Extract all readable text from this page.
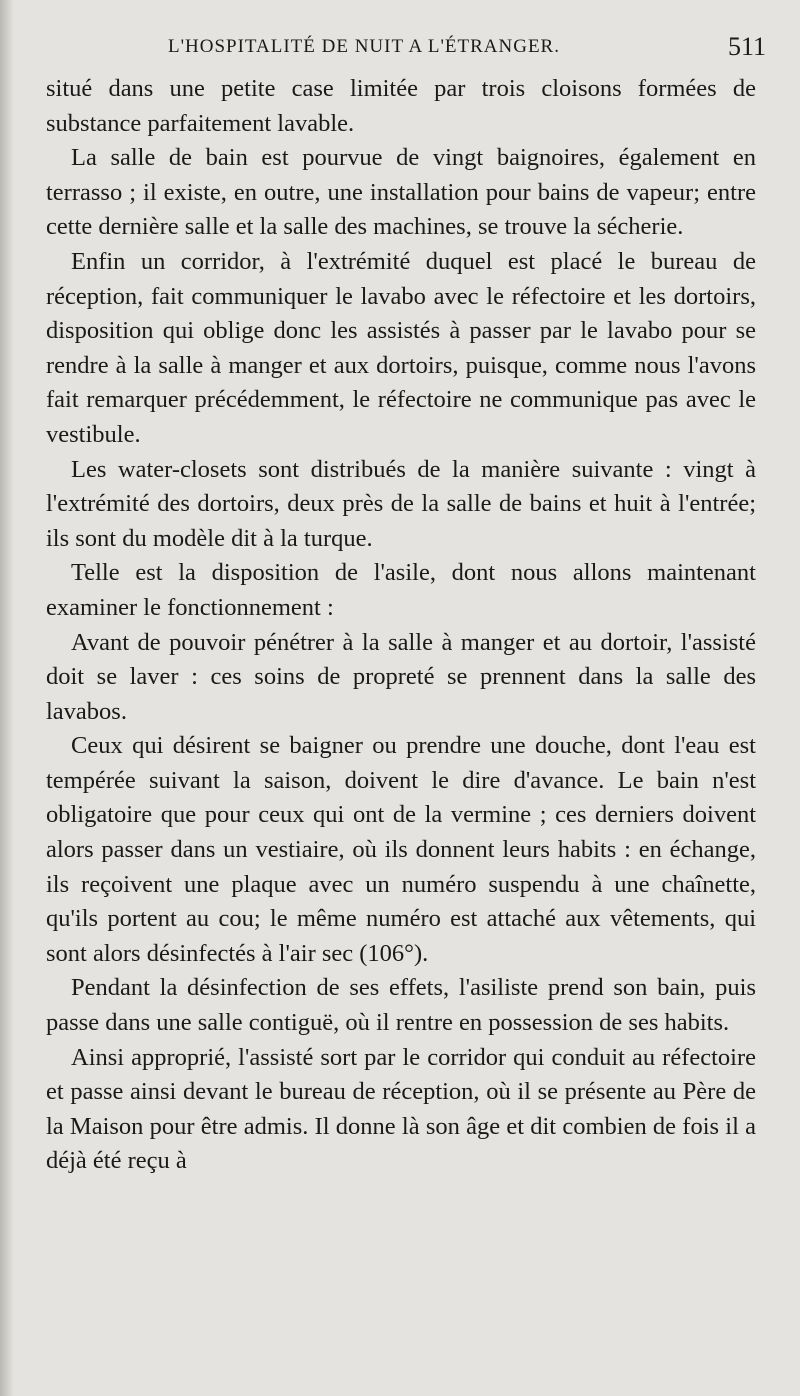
L'HOSPITALITÉ DE NUIT A L'ÉTRANGER.	511

situé dans une petite case limitée par trois cloisons formées de substance parfaitement lavable.

La salle de bain est pourvue de vingt baignoires, également en terrasso ; il existe, en outre, une installation pour bains de vapeur; entre cette dernière salle et la salle des machines, se trouve la sécherie.

Enfin un corridor, à l'extrémité duquel est placé le bureau de réception, fait communiquer le lavabo avec le réfectoire et les dortoirs, disposition qui oblige donc les assistés à passer par le lavabo pour se rendre à la salle à manger et aux dortoirs, puisque, comme nous l'avons fait remarquer précédemment, le réfectoire ne communique pas avec le vestibule.

Les water-closets sont distribués de la manière suivante : vingt à l'extrémité des dortoirs, deux près de la salle de bains et huit à l'entrée; ils sont du modèle dit à la turque.

Telle est la disposition de l'asile, dont nous allons maintenant examiner le fonctionnement :

Avant de pouvoir pénétrer à la salle à manger et au dortoir, l'assisté doit se laver : ces soins de propreté se prennent dans la salle des lavabos.

Ceux qui désirent se baigner ou prendre une douche, dont l'eau est tempérée suivant la saison, doivent le dire d'avance. Le bain n'est obligatoire que pour ceux qui ont de la vermine ; ces derniers doivent alors passer dans un vestiaire, où ils donnent leurs habits : en échange, ils reçoivent une plaque avec un numéro suspendu à une chaînette, qu'ils portent au cou; le même numéro est attaché aux vêtements, qui sont alors désinfectés à l'air sec (106°).

Pendant la désinfection de ses effets, l'asiliste prend son bain, puis passe dans une salle contiguë, où il rentre en possession de ses habits.

Ainsi approprié, l'assisté sort par le corridor qui conduit au réfectoire et passe ainsi devant le bureau de réception, où il se présente au Père de la Maison pour être admis. Il donne là son âge et dit combien de fois il a déjà été reçu à
